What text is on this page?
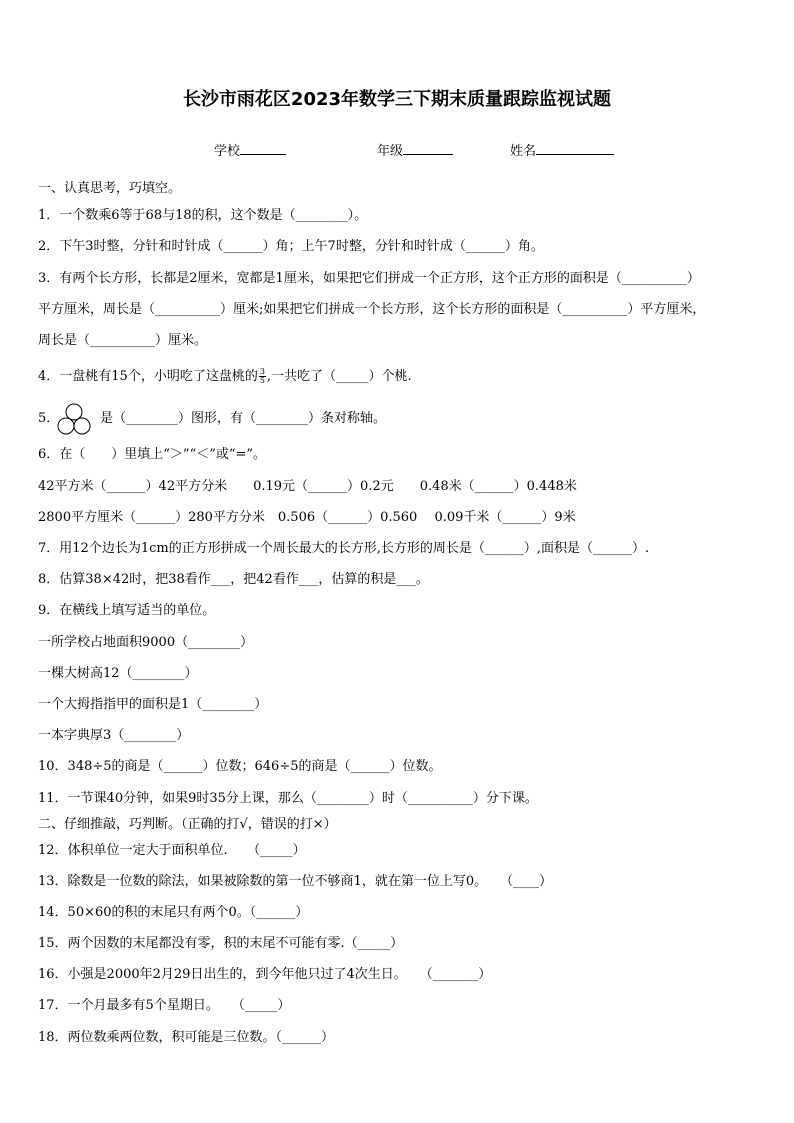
长沙市雨花区2023年数学三下期末质量跟踪监视试题
学校	年级	姓名
一、认真思考，巧填空。
1．一个数乘6等于68与18的积，这个数是（________）。
2．下午3时整，分针和时针成（______）角；上午7时整，分针和时针成（______）角。
3．有两个长方形，长都是2厘米，宽都是1厘米，如果把它们拼成一个正方形，这个正方形的面积是（__________）
平方厘米，周长是（__________）厘米;如果把它们拼成一个长方形，这个长方形的面积是（__________）平方厘米，
周长是（__________）厘米。
4．一盘桃有15个，小明吃了这盘桃的 $\frac{3}{5}$ ,一共吃了（_____）个桃.
5．	是（________）图形，有（________）条对称轴。
6．在（　　）里填上“＞”“＜”或“=”。
42平方米（______）42平方分米　　0.19元（______）0.2元　　0.48米（______）0.448米
2800平方厘米（______）280平方分米　0.506（______）0.560　 0.09千米（______）9米
7．用12个边长为1cm的正方形拼成一个周长最大的长方形,长方形的周长是（______）,面积是（______）.
8．估算38×42时，把38看作___，把42看作___，估算的积是___。
9．在横线上填写适当的单位。
一所学校占地面积9000（________）
一棵大树高12（________）
一个大拇指指甲的面积是1（________）
一本字典厚3（________）
10．348÷5的商是（______）位数；646÷5的商是（______）位数。
11．一节课40分钟，如果9时35分上课，那么（________）时（__________）分下课。
二、仔细推敲，巧判断。（正确的打√，错误的打×）
12．体积单位一定大于面积单位.　　（_____）
13．除数是一位数的除法，如果被除数的第一位不够商1，就在第一位上写0。　　（____）
14．50×60的积的末尾只有两个0。（______）
15．两个因数的末尾都没有零，积的末尾不可能有零.（_____）
16．小强是2000年2月29日出生的，到今年他只过了4次生日。　　（_______）
17．一个月最多有5个星期日。　　（_____）
18．两位数乘两位数，积可能是三位数。（______）
